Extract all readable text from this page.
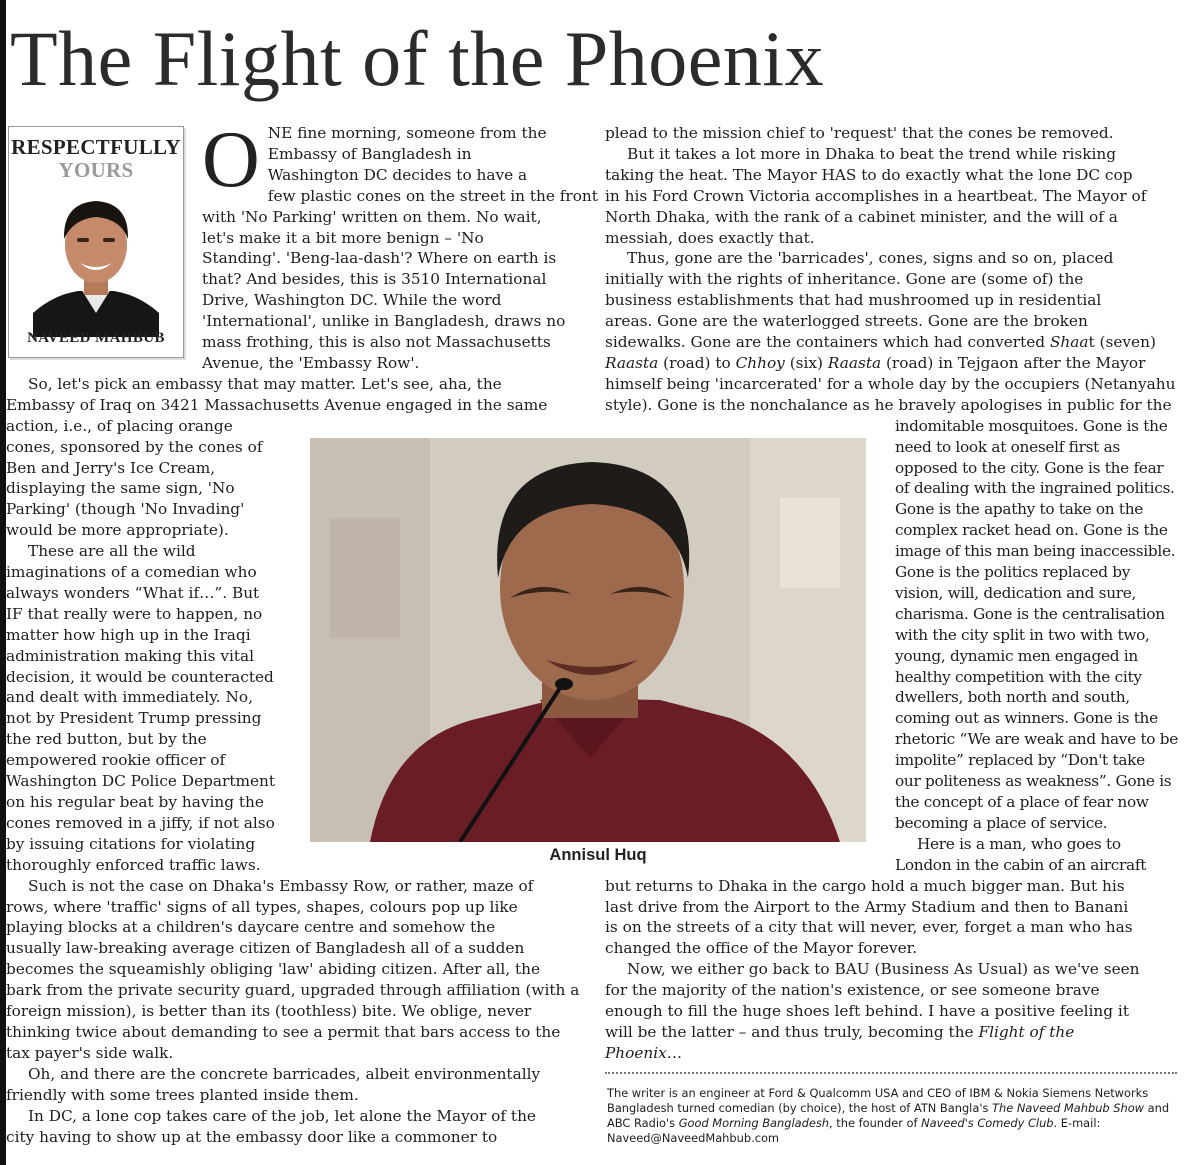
The Flight of the Phoenix
RESPECTFULLY
YOURS
NAVEED MAHBUB
O NE fine morning, someone from the
Embassy of Bangladesh in
Washington DC decides to have a
few plastic cones on the street in the front
with 'No Parking' written on them. No wait,
let's make it a bit more benign – 'No
Standing'. 'Beng-laa-dash'? Where on earth is
that? And besides, this is 3510 International
Drive, Washington DC. While the word
'International', unlike in Bangladesh, draws no
mass frothing, this is also not Massachusetts
Avenue, the 'Embassy Row'.
So, let's pick an embassy that may matter. Let's see, aha, the
Embassy of Iraq on 3421 Massachusetts Avenue engaged in the same
action, i.e., of placing orange
cones, sponsored by the cones of
Ben and Jerry's Ice Cream,
displaying the same sign, 'No
Parking' (though 'No Invading'
would be more appropriate).
These are all the wild
imaginations of a comedian who
always wonders “What if…”. But
IF that really were to happen, no
matter how high up in the Iraqi
administration making this vital
decision, it would be counteracted
and dealt with immediately. No,
not by President Trump pressing
the red button, but by the
empowered rookie officer of
Washington DC Police Department
on his regular beat by having the
cones removed in a jiffy, if not also
by issuing citations for violating
thoroughly enforced traffic laws.
Such is not the case on Dhaka's Embassy Row, or rather, maze of
rows, where 'traffic' signs of all types, shapes, colours pop up like
playing blocks at a children's daycare centre and somehow the
usually law-breaking average citizen of Bangladesh all of a sudden
becomes the squeamishly obliging 'law' abiding citizen. After all, the
bark from the private security guard, upgraded through affiliation (with a
foreign mission), is better than its (toothless) bite. We oblige, never
thinking twice about demanding to see a permit that bars access to the
tax payer's side walk.
Oh, and there are the concrete barricades, albeit environmentally
friendly with some trees planted inside them.
In DC, a lone cop takes care of the job, let alone the Mayor of the
city having to show up at the embassy door like a commoner to
plead to the mission chief to 'request' that the cones be removed.
But it takes a lot more in Dhaka to beat the trend while risking
taking the heat. The Mayor HAS to do exactly what the lone DC cop
in his Ford Crown Victoria accomplishes in a heartbeat. The Mayor of
North Dhaka, with the rank of a cabinet minister, and the will of a
messiah, does exactly that.
Thus, gone are the 'barricades', cones, signs and so on, placed
initially with the rights of inheritance. Gone are (some of) the
business establishments that had mushroomed up in residential
areas. Gone are the waterlogged streets. Gone are the broken
sidewalks. Gone are the containers which had converted Shaat (seven)
Raasta (road) to Chhoy (six) Raasta (road) in Tejgaon after the Mayor
himself being 'incarcerated' for a whole day by the occupiers (Netanyahu
style). Gone is the nonchalance as he bravely apologises in public for the
indomitable mosquitoes. Gone is the
need to look at oneself first as
opposed to the city. Gone is the fear
of dealing with the ingrained politics.
Gone is the apathy to take on the
complex racket head on. Gone is the
image of this man being inaccessible.
Gone is the politics replaced by
vision, will, dedication and sure,
charisma. Gone is the centralisation
with the city split in two with two,
young, dynamic men engaged in
healthy competition with the city
dwellers, both north and south,
coming out as winners. Gone is the
rhetoric “We are weak and have to be
impolite” replaced by “Don't take
our politeness as weakness”. Gone is
the concept of a place of fear now
becoming a place of service.
Here is a man, who goes to
London in the cabin of an aircraft
but returns to Dhaka in the cargo hold a much bigger man. But his
last drive from the Airport to the Army Stadium and then to Banani
is on the streets of a city that will never, ever, forget a man who has
changed the office of the Mayor forever.
Now, we either go back to BAU (Business As Usual) as we've seen
for the majority of the nation's existence, or see someone brave
enough to fill the huge shoes left behind. I have a positive feeling it
will be the latter – and thus truly, becoming the Flight of the
Phoenix…
Annisul Huq
The writer is an engineer at Ford & Qualcomm USA and CEO of IBM & Nokia Siemens Networks Bangladesh turned comedian (by choice), the host of ATN Bangla's The Naveed Mahbub Show and ABC Radio's Good Morning Bangladesh, the founder of Naveed's Comedy Club. E-mail: Naveed@NaveedMahbub.com
